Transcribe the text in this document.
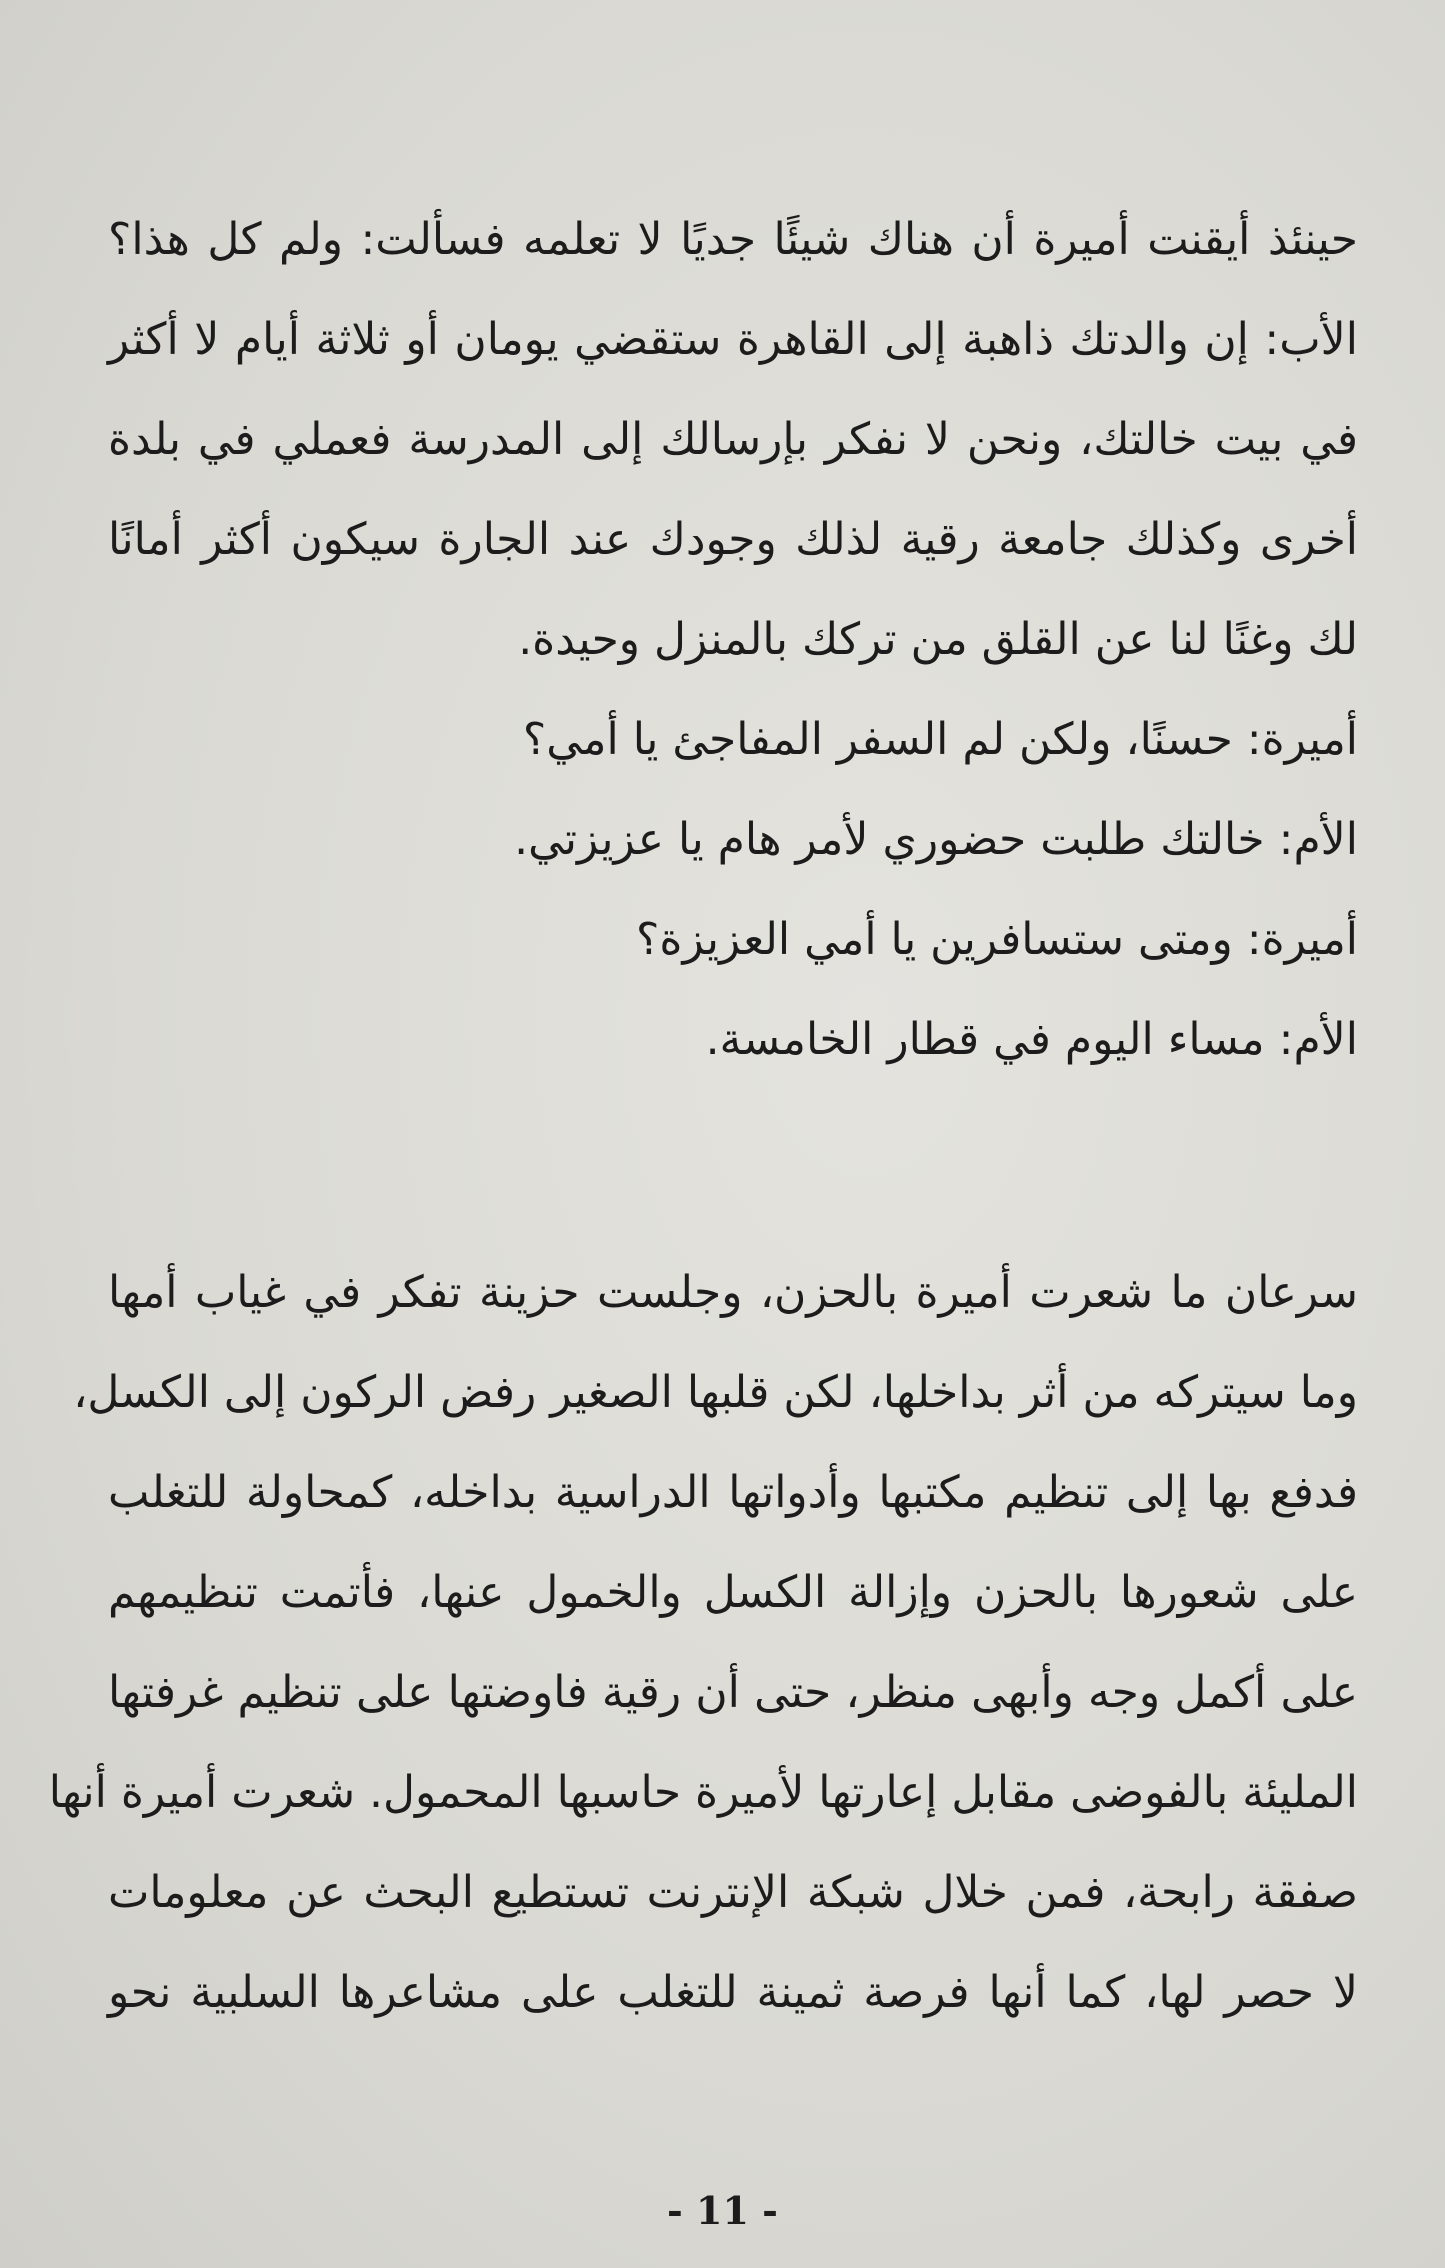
حينئذ أيقنت أميرة أن هناك شيئًا جديًا لا تعلمه فسألت: ولم كل هذا؟
الأب: إن والدتك ذاهبة إلى القاهرة ستقضي يومان أو ثلاثة أيام لا أكثر
في بيت خالتك، ونحن لا نفكر بإرسالك إلى المدرسة فعملي في بلدة
أخرى وكذلك جامعة رقية لذلك وجودك عند الجارة سيكون أكثر أمانًا
لك وغنًا لنا عن القلق من تركك بالمنزل وحيدة.
أميرة: حسنًا، ولكن لم السفر المفاجئ يا أمي؟
الأم: خالتك طلبت حضوري لأمر هام يا عزيزتي.
أميرة: ومتى ستسافرين يا أمي العزيزة؟
الأم: مساء اليوم في قطار الخامسة.
سرعان ما شعرت أميرة بالحزن، وجلست حزينة تفكر في غياب أمها
وما سيتركه من أثر بداخلها، لكن قلبها الصغير رفض الركون إلى الكسل،
فدفع بها إلى تنظيم مكتبها وأدواتها الدراسية بداخله، كمحاولة للتغلب
على شعورها بالحزن وإزالة الكسل والخمول عنها، فأتمت تنظيمهم
على أكمل وجه وأبهى منظر، حتى أن رقية فاوضتها على تنظيم غرفتها
المليئة بالفوضى مقابل إعارتها لأميرة حاسبها المحمول. شعرت أميرة أنها
صفقة رابحة، فمن خلال شبكة الإنترنت تستطيع البحث عن معلومات
لا حصر لها، كما أنها فرصة ثمينة للتغلب على مشاعرها السلبية نحو
- 11 -
